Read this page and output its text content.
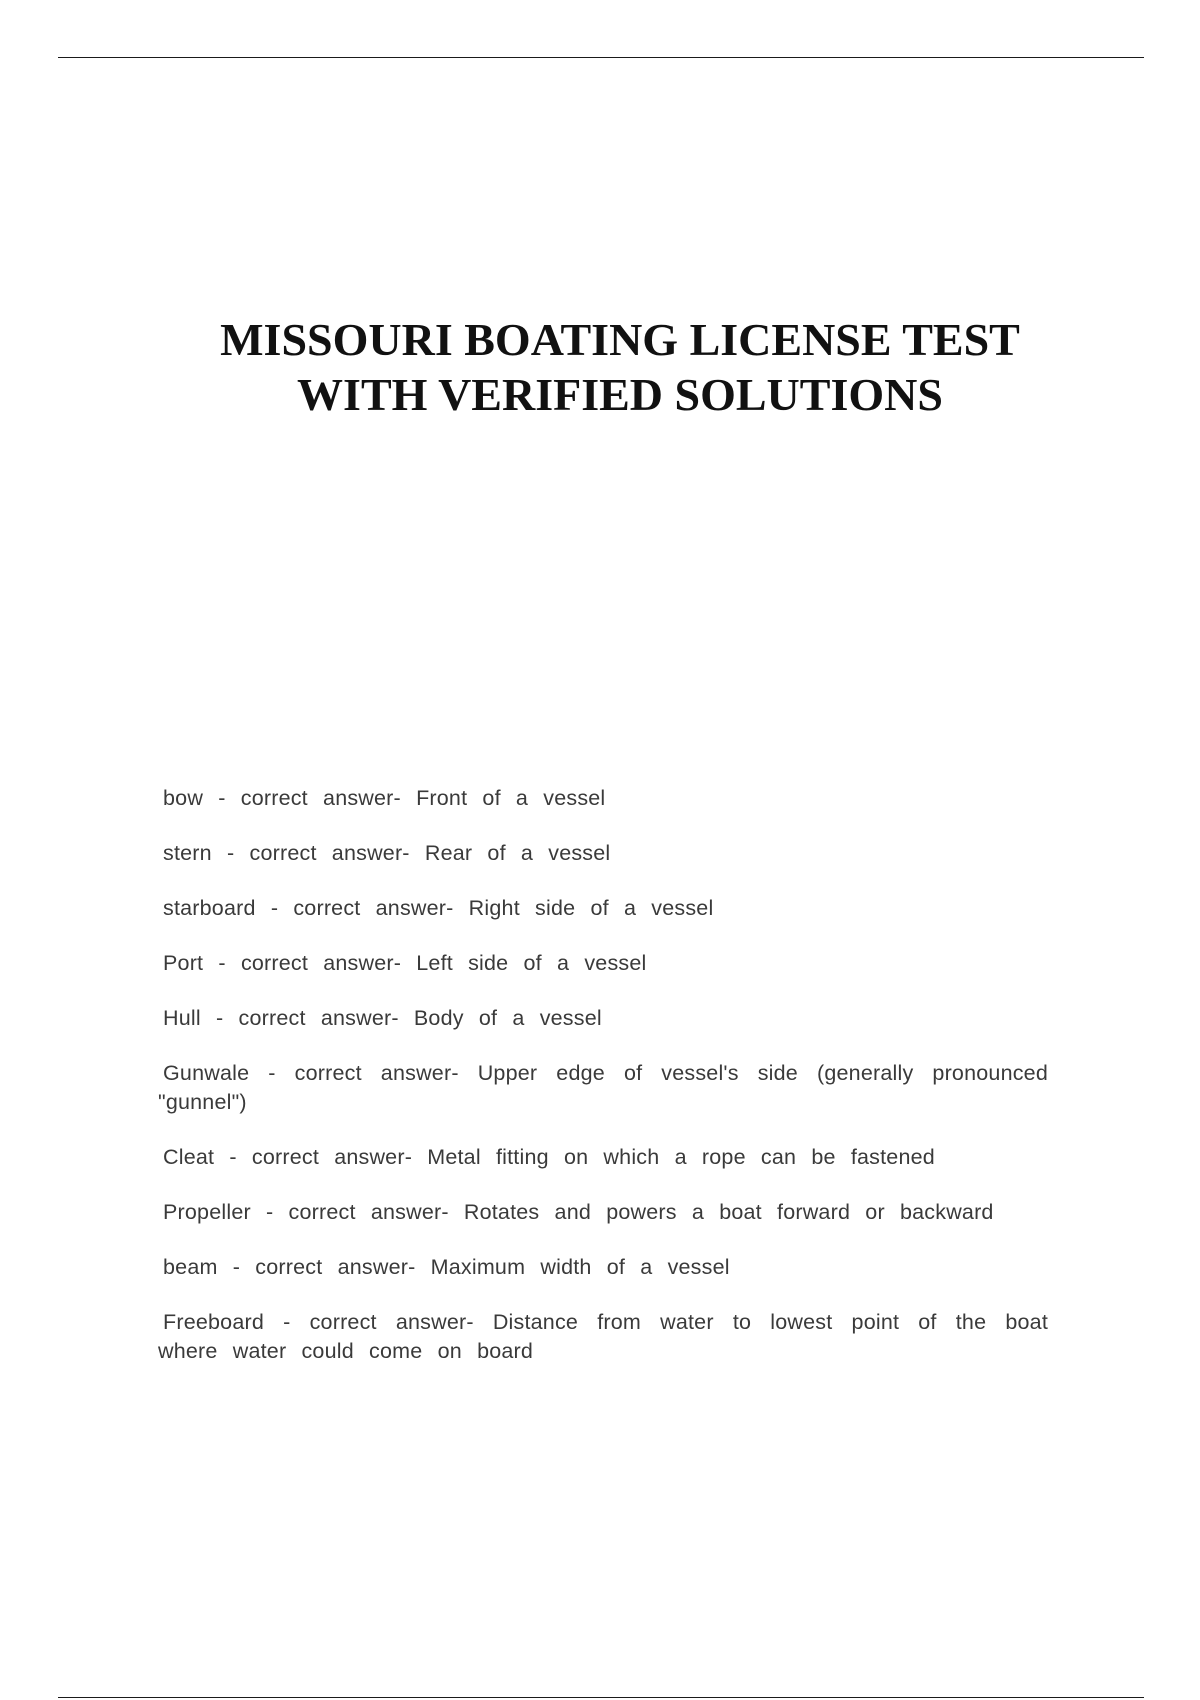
MISSOURI BOATING LICENSE TEST
WITH VERIFIED SOLUTIONS
bow - correct answer- Front of a vessel
stern - correct answer- Rear of a vessel
starboard - correct answer- Right side of a vessel
Port - correct answer- Left side of a vessel
Hull - correct answer- Body of a vessel
Gunwale - correct answer- Upper edge of vessel's side (generally pronounced "gunnel")
Cleat - correct answer- Metal fitting on which a rope can be fastened
Propeller - correct answer- Rotates and powers a boat forward or backward
beam - correct answer- Maximum width of a vessel
Freeboard - correct answer- Distance from water to lowest point of the boat where water could come on board
